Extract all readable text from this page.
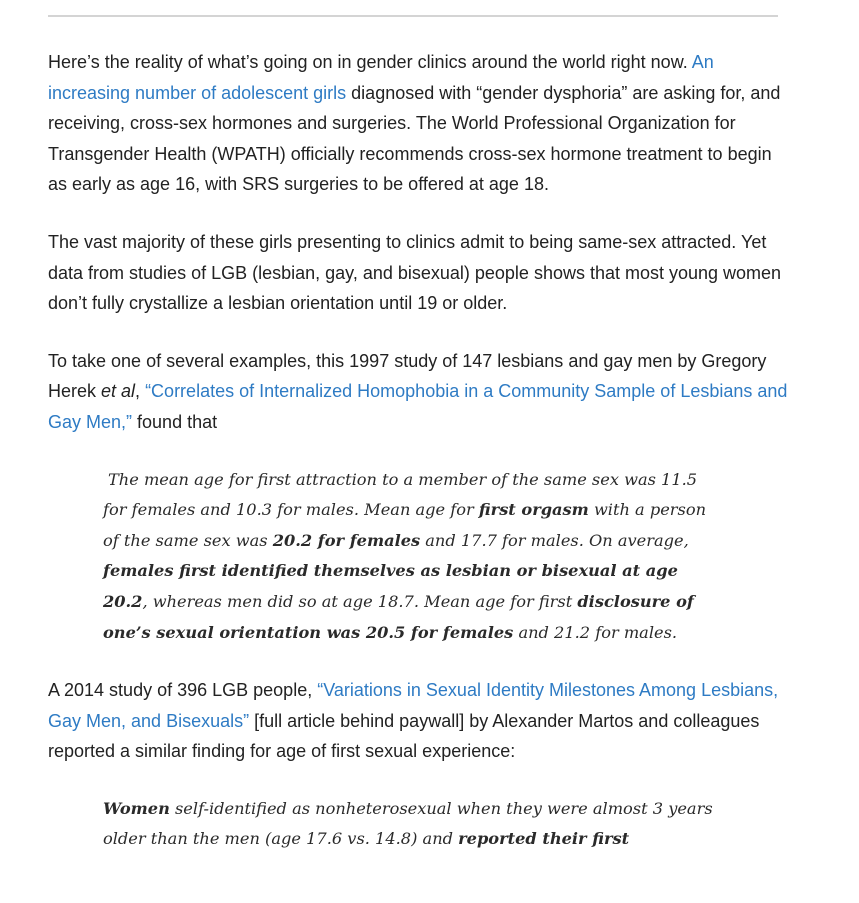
Here’s the reality of what’s going on in gender clinics around the world right now. An increasing number of adolescent girls diagnosed with “gender dysphoria” are asking for, and receiving, cross-sex hormones and surgeries. The World Professional Organization for Transgender Health (WPATH) officially recommends cross-sex hormone treatment to begin as early as age 16, with SRS surgeries to be offered at age 18.

The vast majority of these girls presenting to clinics admit to being same-sex attracted. Yet data from studies of LGB (lesbian, gay, and bisexual) people shows that most young women don’t fully crystallize a lesbian orientation until 19 or older.

To take one of several examples, this 1997 study of 147 lesbians and gay men by Gregory Herek et al, “Correlates of Internalized Homophobia in a Community Sample of Lesbians and Gay Men,” found that

The mean age for first attraction to a member of the same sex was 11.5 for females and 10.3 for males. Mean age for first orgasm with a person of the same sex was 20.2 for females and 17.7 for males. On average, females first identified themselves as lesbian or bisexual at age 20.2, whereas men did so at age 18.7. Mean age for first disclosure of one’s sexual orientation was 20.5 for females and 21.2 for males.

A 2014 study of 396 LGB people, “Variations in Sexual Identity Milestones Among Lesbians, Gay Men, and Bisexuals” [full article behind paywall] by Alexander Martos and colleagues reported a similar finding for age of first sexual experience:

Women self-identified as nonheterosexual when they were almost 3 years older than the men (age 17.6 vs. 14.8) and reported their first
